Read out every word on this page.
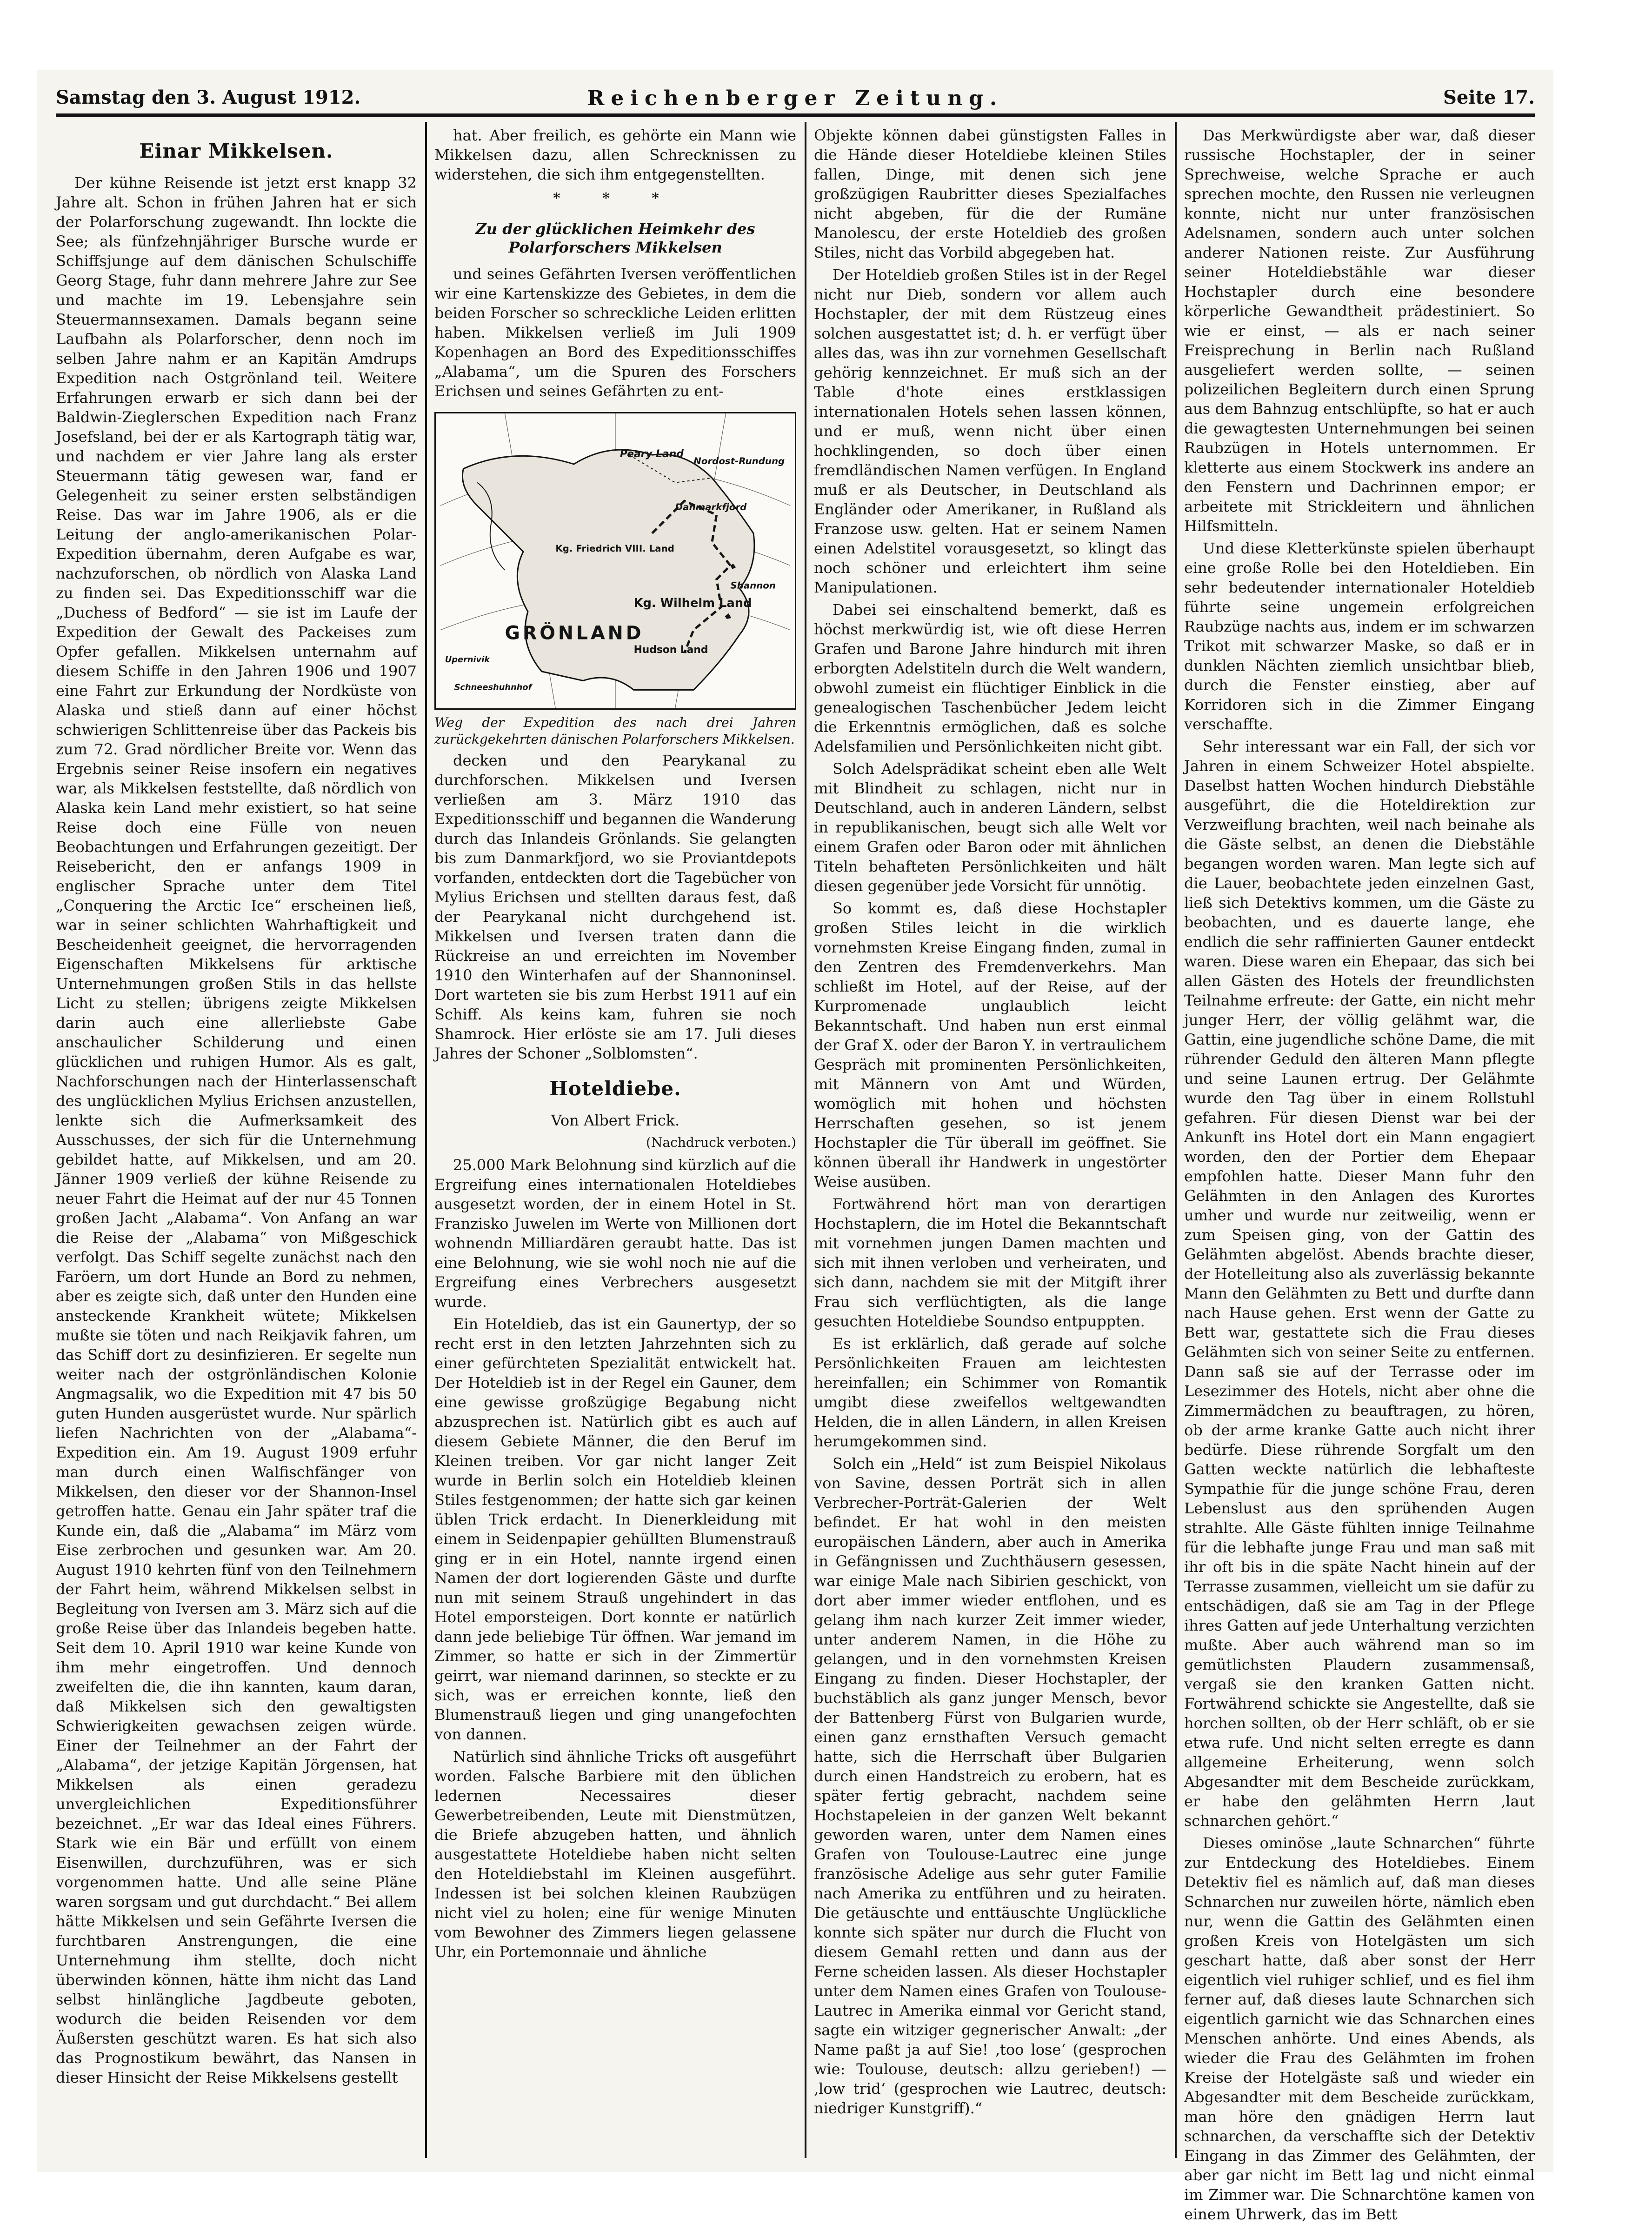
Samstag den 3. August 1912.	Reichenberger Zeitung.	Seite 17.
Einar Mikkelsen.

Der kühne Reisende ist jetzt erst knapp 32 Jahre alt. Schon in frühen Jahren hat er sich der Polarforschung zugewandt. Ihn lockte die See; als fünfzehnjähriger Bursche wurde er Schiffsjunge auf dem dänischen Schulschiffe Georg Stage, fuhr dann mehrere Jahre zur See und machte im 19. Lebensjahre sein Steuermannsexamen. Damals begann seine Laufbahn als Polarforscher, denn noch im selben Jahre nahm er an Kapitän Amdrups Expedition nach Ostgrönland teil. Weitere Erfahrungen erwarb er sich dann bei der Baldwin-Zieglerschen Expedition nach Franz Josefsland, bei der er als Kartograph tätig war, und nachdem er vier Jahre lang als erster Steuermann tätig gewesen war, fand er Gelegenheit zu seiner ersten selbständigen Reise. Das war im Jahre 1906, als er die Leitung der anglo-amerikanischen Polar-Expedition übernahm, deren Aufgabe es war, nachzuforschen, ob nördlich von Alaska Land zu finden sei. Das Expeditionsschiff war die „Duchess of Bedford“ — sie ist im Laufe der Expedition der Gewalt des Packeises zum Opfer gefallen. Mikkelsen unternahm auf diesem Schiffe in den Jahren 1906 und 1907 eine Fahrt zur Erkundung der Nordküste von Alaska und stieß dann auf einer höchst schwierigen Schlittenreise über das Packeis bis zum 72. Grad nördlicher Breite vor. Wenn das Ergebnis seiner Reise insofern ein negatives war, als Mikkelsen feststellte, daß nördlich von Alaska kein Land mehr existiert, so hat seine Reise doch eine Fülle von neuen Beobachtungen und Erfahrungen gezeitigt. Der Reisebericht, den er anfangs 1909 in englischer Sprache unter dem Titel „Conquering the Arctic Ice“ erscheinen ließ, war in seiner schlichten Wahrhaftigkeit und Bescheidenheit geeignet, die hervorragenden Eigenschaften Mikkelsens für arktische Unternehmungen großen Stils in das hellste Licht zu stellen; übrigens zeigte Mikkelsen darin auch eine allerliebste Gabe anschaulicher Schilderung und einen glücklichen und ruhigen Humor. Als es galt, Nachforschungen nach der Hinterlassenschaft des unglücklichen Mylius Erichsen anzustellen, lenkte sich die Aufmerksamkeit des Ausschusses, der sich für die Unternehmung gebildet hatte, auf Mikkelsen, und am 20. Jänner 1909 verließ der kühne Reisende zu neuer Fahrt die Heimat auf der nur 45 Tonnen großen Jacht „Alabama“. Von Anfang an war die Reise der „Alabama“ von Mißgeschick verfolgt. Das Schiff segelte zunächst nach den Faröern, um dort Hunde an Bord zu nehmen, aber es zeigte sich, daß unter den Hunden eine ansteckende Krankheit wütete; Mikkelsen mußte sie töten und nach Reikjavik fahren, um das Schiff dort zu desinfizieren. Er segelte nun weiter nach der ostgrönländischen Kolonie Angmagsalik, wo die Expedition mit 47 bis 50 guten Hunden ausgerüstet wurde. Nur spärlich liefen Nachrichten von der „Alabama“-Expedition ein. Am 19. August 1909 erfuhr man durch einen Walfischfänger von Mikkelsen, den dieser vor der Shannon-Insel getroffen hatte. Genau ein Jahr später traf die Kunde ein, daß die „Alabama“ im März vom Eise zerbrochen und gesunken war. Am 20. August 1910 kehrten fünf von den Teilnehmern der Fahrt heim, während Mikkelsen selbst in Begleitung von Iversen am 3. März sich auf die große Reise über das Inlandeis begeben hatte. Seit dem 10. April 1910 war keine Kunde von ihm mehr eingetroffen. Und dennoch zweifelten die, die ihn kannten, kaum daran, daß Mikkelsen sich den gewaltigsten Schwierigkeiten gewachsen zeigen würde. Einer der Teilnehmer an der Fahrt der „Alabama“, der jetzige Kapitän Jörgensen, hat Mikkelsen als einen geradezu unvergleichlichen Expeditionsführer bezeichnet. „Er war das Ideal eines Führers. Stark wie ein Bär und erfüllt von einem Eisenwillen, durchzuführen, was er sich vorgenommen hatte. Und alle seine Pläne waren sorgsam und gut durchdacht.“ Bei allem hätte Mikkelsen und sein Gefährte Iversen die furchtbaren Anstrengungen, die eine Unternehmung ihm stellte, doch nicht überwinden können, hätte ihm nicht das Land selbst hinlängliche Jagdbeute geboten, wodurch die beiden Reisenden vor dem Äußersten geschützt waren. Es hat sich also das Prognostikum bewährt, das Nansen in dieser Hinsicht der Reise Mikkelsens gestellt

hat. Aber freilich, es gehörte ein Mann wie Mikkelsen dazu, allen Schrecknissen zu widerstehen, die sich ihm entgegenstellten.

* * *
Zu der glücklichen Heimkehr des Polarforschers Mikkelsen

und seines Gefährten Iversen veröffentlichen wir eine Kartenskizze des Gebietes, in dem die beiden Forscher so schreckliche Leiden erlitten haben. Mikkelsen verließ im Juli 1909 Kopenhagen an Bord des Expeditionsschiffes „Alabama“, um die Spuren des Forschers Erichsen und seines Gefährten zu ent-

Peary Land
Kg. Friedrich VIII. Land
Kg. Wilhelm Land
GRÖNLAND
Hudson Land
Nordost-Rundung
Danmarkfjord
Shannon
Schneeshuhnhof
Upernivik

Weg der Expedition des nach drei Jahren zurückgekehrten dänischen Polarforschers Mikkelsen.

decken und den Pearykanal zu durchforschen. Mikkelsen und Iversen verließen am 3. März 1910 das Expeditionsschiff und begannen die Wanderung durch das Inlandeis Grönlands. Sie gelangten bis zum Danmarkfjord, wo sie Proviantdepots vorfanden, entdeckten dort die Tagebücher von Mylius Erichsen und stellten daraus fest, daß der Pearykanal nicht durchgehend ist. Mikkelsen und Iversen traten dann die Rückreise an und erreichten im November 1910 den Winterhafen auf der Shannoninsel. Dort warteten sie bis zum Herbst 1911 auf ein Schiff. Als keins kam, fuhren sie noch Shamrock. Hier erlöste sie am 17. Juli dieses Jahres der Schoner „Solblomsten“.

Hoteldiebe.

Von Albert Frick.

(Nachdruck verboten.)

25.000 Mark Belohnung sind kürzlich auf die Ergreifung eines internationalen Hoteldiebes ausgesetzt worden, der in einem Hotel in St. Franzisko Juwelen im Werte von Millionen dort wohnendn Milliardären geraubt hatte. Das ist eine Belohnung, wie sie wohl noch nie auf die Ergreifung eines Verbrechers ausgesetzt wurde.

Ein Hoteldieb, das ist ein Gaunertyp, der so recht erst in den letzten Jahrzehnten sich zu einer gefürchteten Spezialität entwickelt hat. Der Hoteldieb ist in der Regel ein Gauner, dem eine gewisse großzügige Begabung nicht abzusprechen ist. Natürlich gibt es auch auf diesem Gebiete Männer, die den Beruf im Kleinen treiben. Vor gar nicht langer Zeit wurde in Berlin solch ein Hoteldieb kleinen Stiles festgenommen; der hatte sich gar keinen üblen Trick erdacht. In Dienerkleidung mit einem in Seidenpapier gehüllten Blumenstrauß ging er in ein Hotel, nannte irgend einen Namen der dort logierenden Gäste und durfte nun mit seinem Strauß ungehindert in das Hotel emporsteigen. Dort konnte er natürlich dann jede beliebige Tür öffnen. War jemand im Zimmer, so hatte er sich in der Zimmertür geirrt, war niemand darinnen, so steckte er zu sich, was er erreichen konnte, ließ den Blumenstrauß liegen und ging unangefochten von dannen.

Natürlich sind ähnliche Tricks oft ausgeführt worden. Falsche Barbiere mit den üblichen ledernen Necessaires dieser Gewerbetreibenden, Leute mit Dienstmützen, die Briefe abzugeben hatten, und ähnlich ausgestattete Hoteldiebe haben nicht selten den Hoteldiebstahl im Kleinen ausgeführt. Indessen ist bei solchen kleinen Raubzügen nicht viel zu holen; eine für wenige Minuten vom Bewohner des Zimmers liegen gelassene Uhr, ein Portemonnaie und ähnliche

Objekte können dabei günstigsten Falles in die Hände dieser Hoteldiebe kleinen Stiles fallen, Dinge, mit denen sich jene großzügigen Raubritter dieses Spezialfaches nicht abgeben, für die der Rumäne Manolescu, der erste Hoteldieb des großen Stiles, nicht das Vorbild abgegeben hat.

Der Hoteldieb großen Stiles ist in der Regel nicht nur Dieb, sondern vor allem auch Hochstapler, der mit dem Rüstzeug eines solchen ausgestattet ist; d. h. er verfügt über alles das, was ihn zur vornehmen Gesellschaft gehörig kennzeichnet. Er muß sich an der Table d'hote eines erstklassigen internationalen Hotels sehen lassen können, und er muß, wenn nicht über einen hochklingenden, so doch über einen fremdländischen Namen verfügen. In England muß er als Deutscher, in Deutschland als Engländer oder Amerikaner, in Rußland als Franzose usw. gelten. Hat er seinem Namen einen Adelstitel vorausgesetzt, so klingt das noch schöner und erleichtert ihm seine Manipulationen.

Dabei sei einschaltend bemerkt, daß es höchst merkwürdig ist, wie oft diese Herren Grafen und Barone Jahre hindurch mit ihren erborgten Adelstiteln durch die Welt wandern, obwohl zumeist ein flüchtiger Einblick in die genealogischen Taschenbücher Jedem leicht die Erkenntnis ermöglichen, daß es solche Adelsfamilien und Persönlichkeiten nicht gibt.

Solch Adelsprädikat scheint eben alle Welt mit Blindheit zu schlagen, nicht nur in Deutschland, auch in anderen Ländern, selbst in republikanischen, beugt sich alle Welt vor einem Grafen oder Baron oder mit ähnlichen Titeln behafteten Persönlichkeiten und hält diesen gegenüber jede Vorsicht für unnötig.

So kommt es, daß diese Hochstapler großen Stiles leicht in die wirklich vornehmsten Kreise Eingang finden, zumal in den Zentren des Fremdenverkehrs. Man schließt im Hotel, auf der Reise, auf der Kurpromenade unglaublich leicht Bekanntschaft. Und haben nun erst einmal der Graf X. oder der Baron Y. in vertraulichem Gespräch mit prominenten Persönlichkeiten, mit Männern von Amt und Würden, womöglich mit hohen und höchsten Herrschaften gesehen, so ist jenem Hochstapler die Tür überall im geöffnet. Sie können überall ihr Handwerk in ungestörter Weise ausüben.

Fortwährend hört man von derartigen Hochstaplern, die im Hotel die Bekanntschaft mit vornehmen jungen Damen machten und sich mit ihnen verloben und verheiraten, und sich dann, nachdem sie mit der Mitgift ihrer Frau sich verflüchtigten, als die lange gesuchten Hoteldiebe Soundso entpuppten.

Es ist erklärlich, daß gerade auf solche Persönlichkeiten Frauen am leichtesten hereinfallen; ein Schimmer von Romantik umgibt diese zweifellos weltgewandten Helden, die in allen Ländern, in allen Kreisen herumgekommen sind.

Solch ein „Held“ ist zum Beispiel Nikolaus von Savine, dessen Porträt sich in allen Verbrecher-Porträt-Galerien der Welt befindet. Er hat wohl in den meisten europäischen Ländern, aber auch in Amerika in Gefängnissen und Zuchthäusern gesessen, war einige Male nach Sibirien geschickt, von dort aber immer wieder entflohen, und es gelang ihm nach kurzer Zeit immer wieder, unter anderem Namen, in die Höhe zu gelangen, und in den vornehmsten Kreisen Eingang zu finden. Dieser Hochstapler, der buchstäblich als ganz junger Mensch, bevor der Battenberg Fürst von Bulgarien wurde, einen ganz ernsthaften Versuch gemacht hatte, sich die Herrschaft über Bulgarien durch einen Handstreich zu erobern, hat es später fertig gebracht, nachdem seine Hochstapeleien in der ganzen Welt bekannt geworden waren, unter dem Namen eines Grafen von Toulouse-Lautrec eine junge französische Adelige aus sehr guter Familie nach Amerika zu entführen und zu heiraten. Die getäuschte und enttäuschte Unglückliche konnte sich später nur durch die Flucht von diesem Gemahl retten und dann aus der Ferne scheiden lassen. Als dieser Hochstapler unter dem Namen eines Grafen von Toulouse-Lautrec in Amerika einmal vor Gericht stand, sagte ein witziger gegnerischer Anwalt: „der Name paßt ja auf Sie! ‚too lose‘ (gesprochen wie: Toulouse, deutsch: allzu gerieben!) — ‚low trid‘ (gesprochen wie Lautrec, deutsch: niedriger Kunstgriff).“

Das Merkwürdigste aber war, daß dieser russische Hochstapler, der in seiner Sprechweise, welche Sprache er auch sprechen mochte, den Russen nie verleugnen konnte, nicht nur unter französischen Adelsnamen, sondern auch unter solchen anderer Nationen reiste. Zur Ausführung seiner Hoteldiebstähle war dieser Hochstapler durch eine besondere körperliche Gewandtheit prädestiniert. So wie er einst, — als er nach seiner Freisprechung in Berlin nach Rußland ausgeliefert werden sollte, — seinen polizeilichen Begleitern durch einen Sprung aus dem Bahnzug entschlüpfte, so hat er auch die gewagtesten Unternehmungen bei seinen Raubzügen in Hotels unternommen. Er kletterte aus einem Stockwerk ins andere an den Fenstern und Dachrinnen empor; er arbeitete mit Strickleitern und ähnlichen Hilfsmitteln.

Und diese Kletterkünste spielen überhaupt eine große Rolle bei den Hoteldieben. Ein sehr bedeutender internationaler Hoteldieb führte seine ungemein erfolgreichen Raubzüge nachts aus, indem er im schwarzen Trikot mit schwarzer Maske, so daß er in dunklen Nächten ziemlich unsichtbar blieb, durch die Fenster einstieg, aber auf Korridoren sich in die Zimmer Eingang verschaffte.

Sehr interessant war ein Fall, der sich vor Jahren in einem Schweizer Hotel abspielte. Daselbst hatten Wochen hindurch Diebstähle ausgeführt, die die Hoteldirektion zur Verzweiflung brachten, weil nach beinahe als die Gäste selbst, an denen die Diebstähle begangen worden waren. Man legte sich auf die Lauer, beobachtete jeden einzelnen Gast, ließ sich Detektivs kommen, um die Gäste zu beobachten, und es dauerte lange, ehe endlich die sehr raffinierten Gauner entdeckt waren. Diese waren ein Ehepaar, das sich bei allen Gästen des Hotels der freundlichsten Teilnahme erfreute: der Gatte, ein nicht mehr junger Herr, der völlig gelähmt war, die Gattin, eine jugendliche schöne Dame, die mit rührender Geduld den älteren Mann pflegte und seine Launen ertrug. Der Gelähmte wurde den Tag über in einem Rollstuhl gefahren. Für diesen Dienst war bei der Ankunft ins Hotel dort ein Mann engagiert worden, den der Portier dem Ehepaar empfohlen hatte. Dieser Mann fuhr den Gelähmten in den Anlagen des Kurortes umher und wurde nur zeitweilig, wenn er zum Speisen ging, von der Gattin des Gelähmten abgelöst. Abends brachte dieser, der Hotelleitung also als zuverlässig bekannte Mann den Gelähmten zu Bett und durfte dann nach Hause gehen. Erst wenn der Gatte zu Bett war, gestattete sich die Frau dieses Gelähmten sich von seiner Seite zu entfernen. Dann saß sie auf der Terrasse oder im Lesezimmer des Hotels, nicht aber ohne die Zimmermädchen zu beauftragen, zu hören, ob der arme kranke Gatte auch nicht ihrer bedürfe. Diese rührende Sorgfalt um den Gatten weckte natürlich die lebhafteste Sympathie für die junge schöne Frau, deren Lebenslust aus den sprühenden Augen strahlte. Alle Gäste fühlten innige Teilnahme für die lebhafte junge Frau und man saß mit ihr oft bis in die späte Nacht hinein auf der Terrasse zusammen, vielleicht um sie dafür zu entschädigen, daß sie am Tag in der Pflege ihres Gatten auf jede Unterhaltung verzichten mußte. Aber auch während man so im gemütlichsten Plaudern zusammensaß, vergaß sie den kranken Gatten nicht. Fortwährend schickte sie Angestellte, daß sie horchen sollten, ob der Herr schläft, ob er sie etwa rufe. Und nicht selten erregte es dann allgemeine Erheiterung, wenn solch Abgesandter mit dem Bescheide zurückkam, er habe den gelähmten Herrn ‚laut schnarchen gehört.“

Dieses ominöse „laute Schnarchen“ führte zur Entdeckung des Hoteldiebes. Einem Detektiv fiel es nämlich auf, daß man dieses Schnarchen nur zuweilen hörte, nämlich eben nur, wenn die Gattin des Gelähmten einen großen Kreis von Hotelgästen um sich geschart hatte, daß aber sonst der Herr eigentlich viel ruhiger schlief, und es fiel ihm ferner auf, daß dieses laute Schnarchen sich eigentlich garnicht wie das Schnarchen eines Menschen anhörte. Und eines Abends, als wieder die Frau des Gelähmten im frohen Kreise der Hotelgäste saß und wieder ein Abgesandter mit dem Bescheide zurückkam, man höre den gnädigen Herrn laut schnarchen, da verschaffte sich der Detektiv Eingang in das Zimmer des Gelähmten, der aber gar nicht im Bett lag und nicht einmal im Zimmer war. Die Schnarchtöne kamen von einem Uhrwerk, das im Bett
